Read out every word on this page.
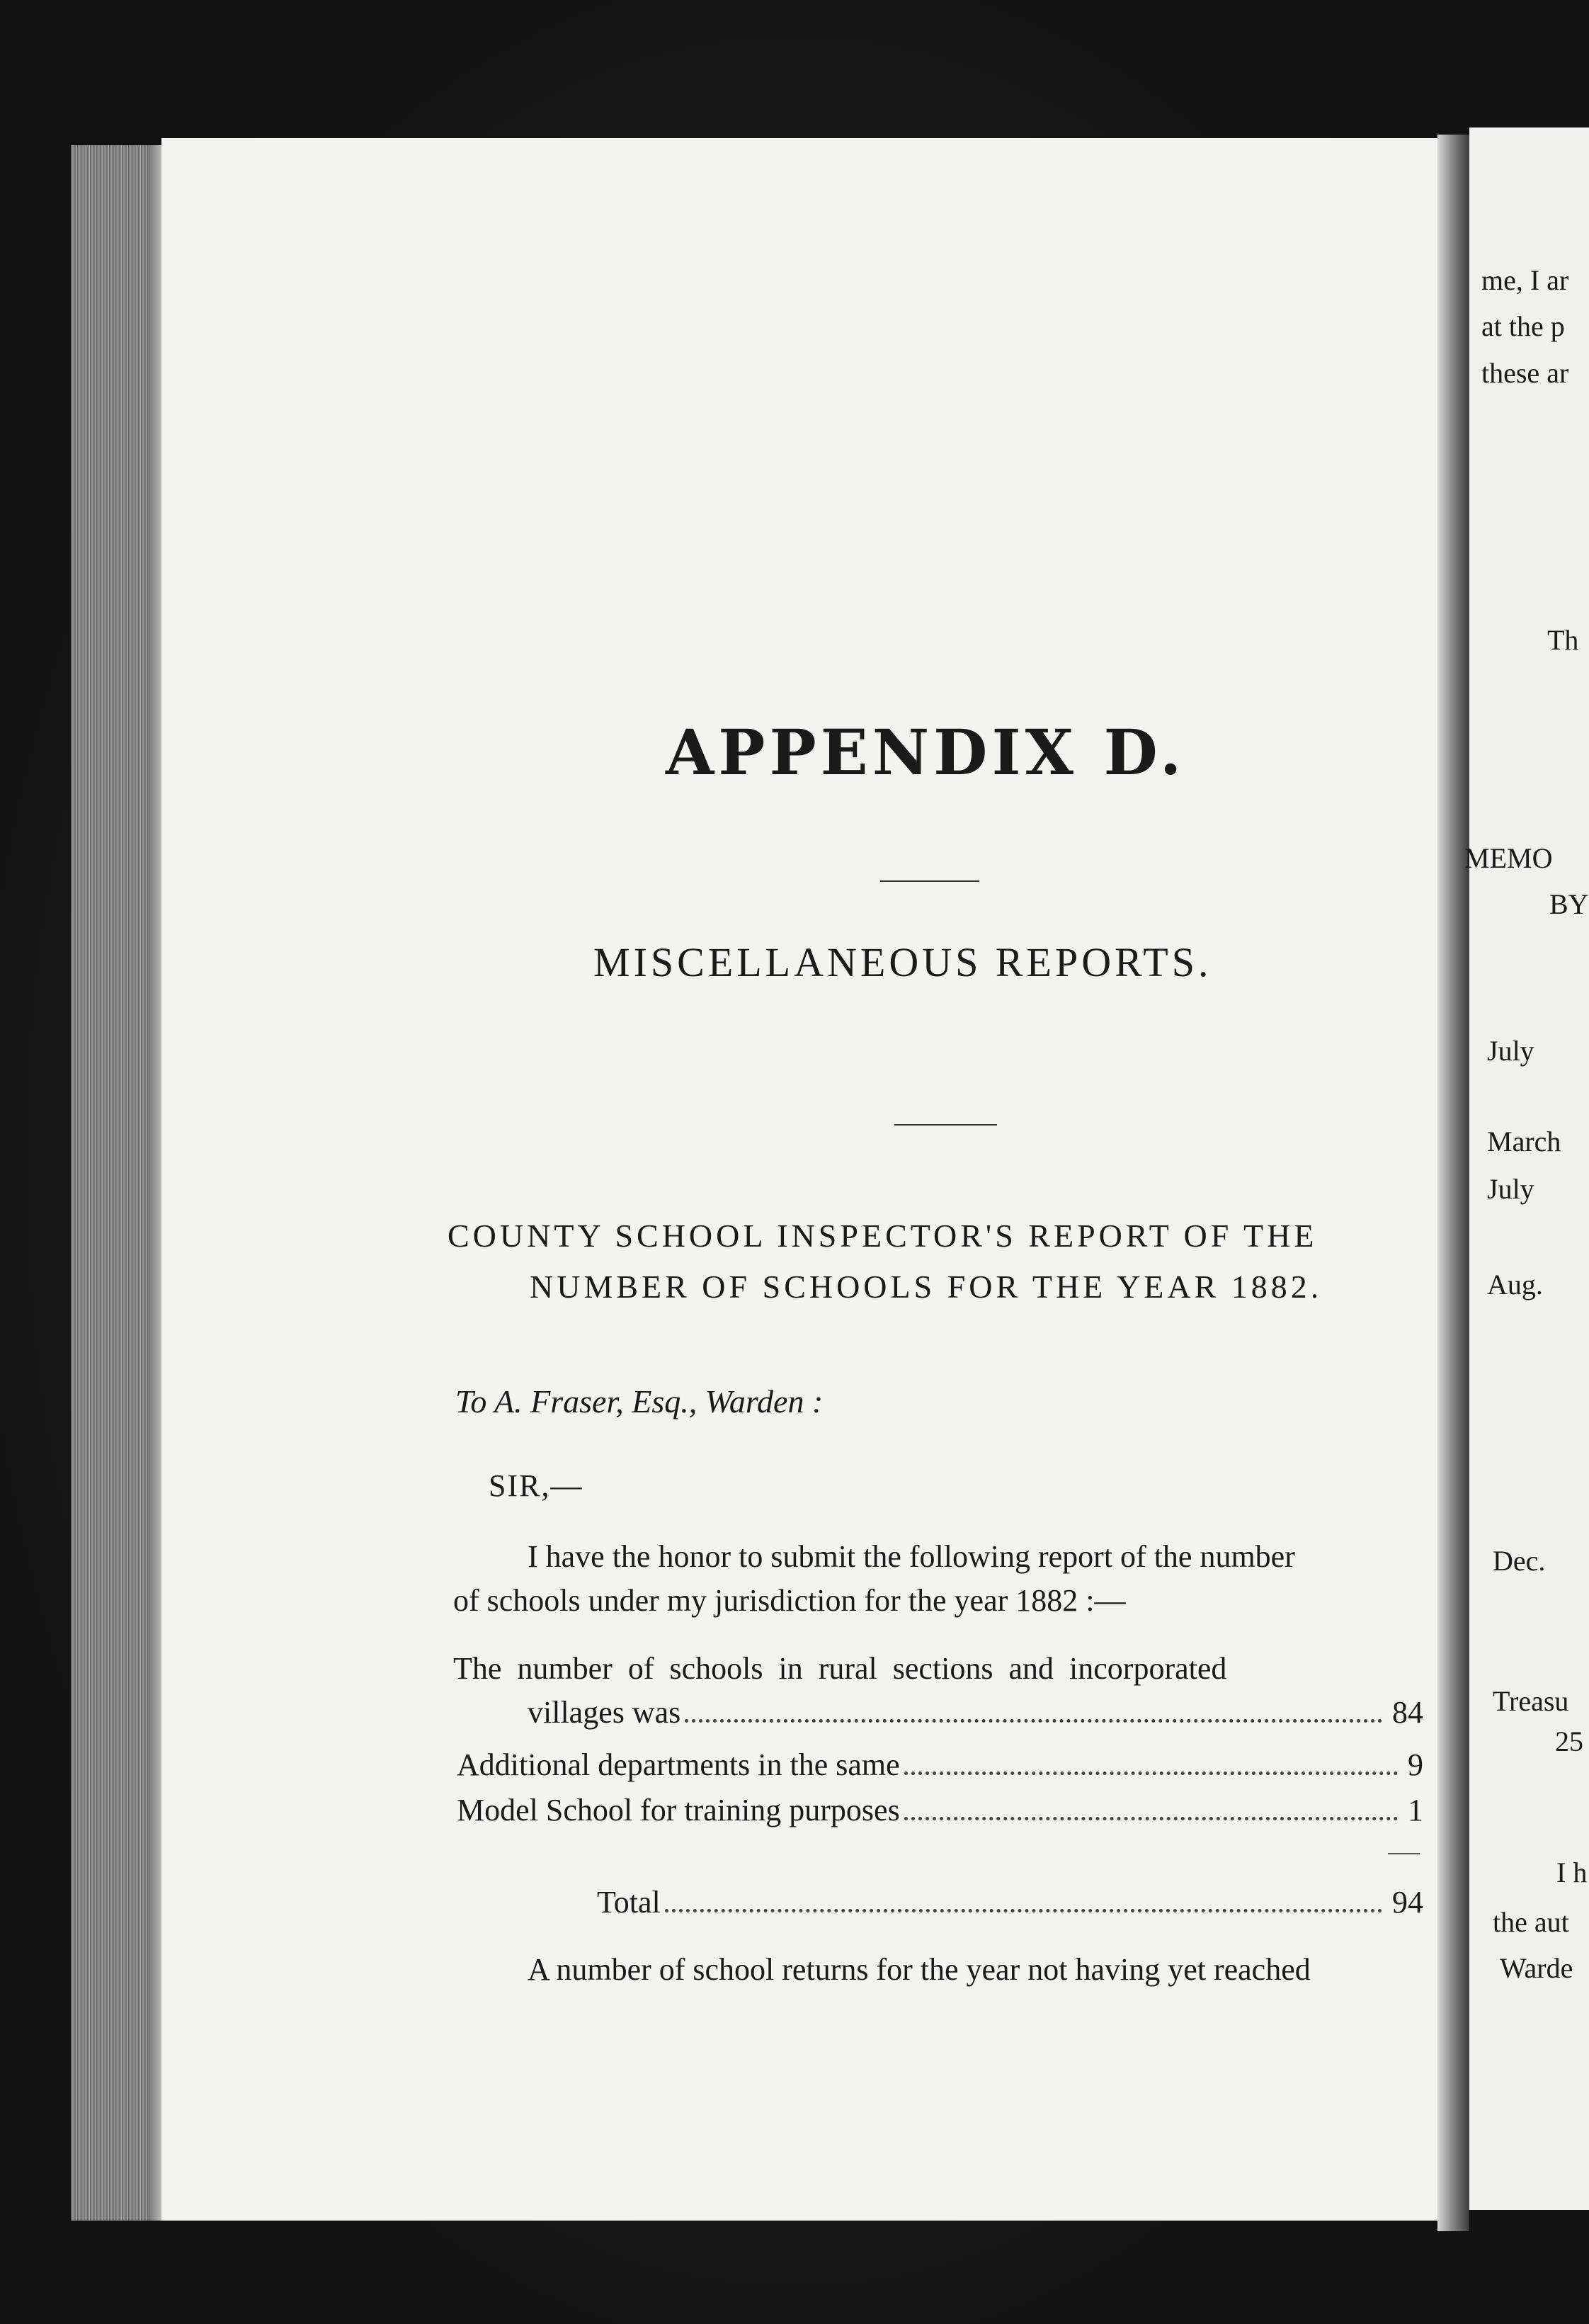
APPENDIX D.
MISCELLANEOUS REPORTS.
COUNTY SCHOOL INSPECTOR'S REPORT OF THE
NUMBER OF SCHOOLS FOR THE YEAR 1882.
To A. Fraser, Esq., Warden :
SIR,—
I have the honor to submit the following report of the number
of schools under my jurisdiction for the year 1882 :—
The  number  of  schools  in  rural  sections  and  incorporated
villages was	84
Additional departments in the same	9
Model School for training purposes	1
Total	94
A number of school returns for the year not having yet reached
me, I ar
at the p
these ar
Th
MEMO
BY
July
March
July
Aug.
Dec.
Treasu
25
I h
the aut
Warde
